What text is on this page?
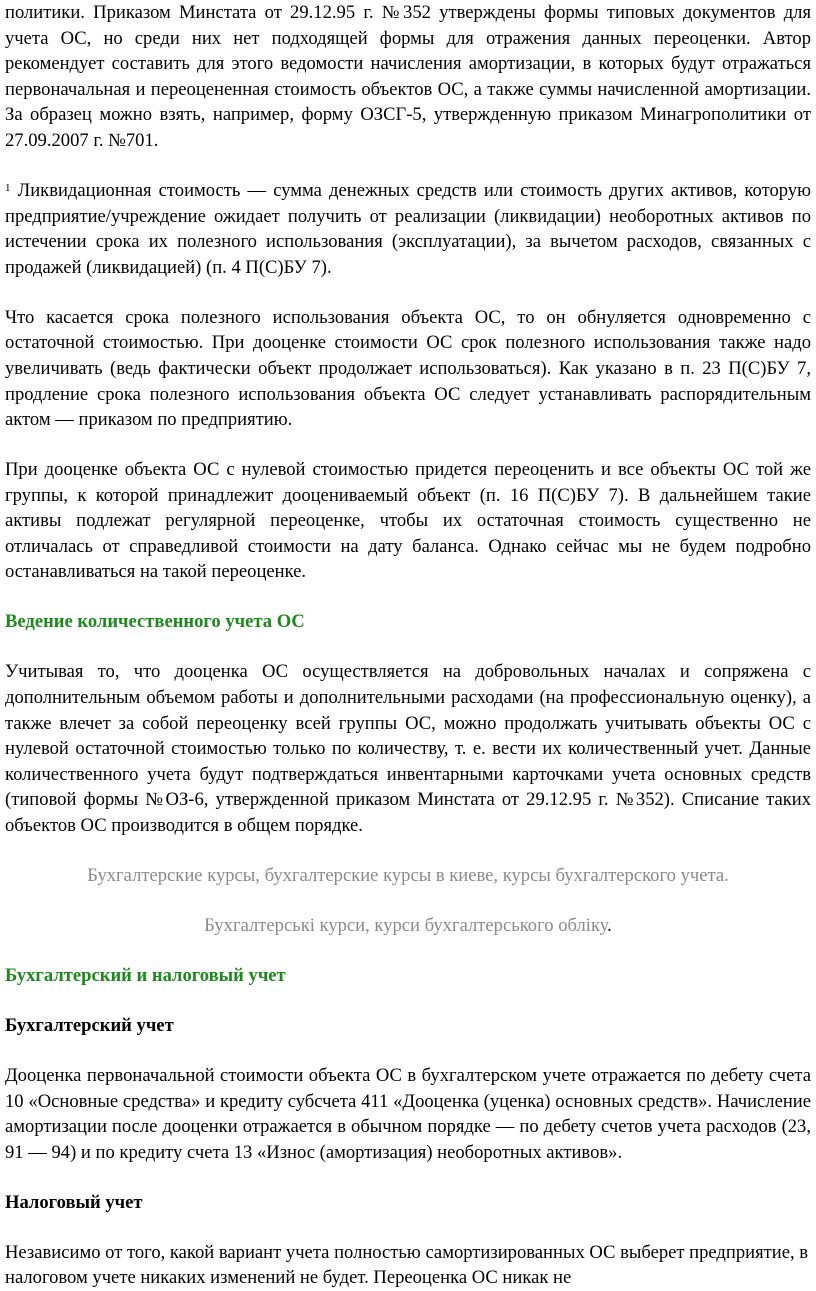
политики. Приказом Минстата от 29.12.95 г. №352 утверждены формы типовых документов для учета ОС, но среди них нет подходящей формы для отражения данных переоценки. Автор рекомендует составить для этого ведомости начисления амортизации, в которых будут отражаться первоначальная и переоцененная стоимость объектов ОС, а также суммы начисленной амортизации. За образец можно взять, например, форму ОЗСГ-5, утвержденную приказом Минагрополитики от 27.09.2007 г. №701.

$^1$ Ликвидационная стоимость — сумма денежных средств или стоимость других активов, которую предприятие/учреждение ожидает получить от реализации (ликвидации) необоротных активов по истечении срока их полезного использования (эксплуатации), за вычетом расходов, связанных с продажей (ликвидацией) (п. 4 П(С)БУ 7).

Что касается срока полезного использования объекта ОС, то он обнуляется одновременно с остаточной стоимостью. При дооценке стоимости ОС срок полезного использования также надо увеличивать (ведь фактически объект продолжает использоваться). Как указано в п. 23 П(С)БУ 7, продление срока полезного использования объекта ОС следует устанавливать распорядительным актом — приказом по предприятию.

При дооценке объекта ОС с нулевой стоимостью придется переоценить и все объекты ОС той же группы, к которой принадлежит дооцениваемый объект (п. 16 П(С)БУ 7). В дальнейшем такие активы подлежат регулярной переоценке, чтобы их остаточная стоимость существенно не отличалась от справедливой стоимости на дату баланса. Однако сейчас мы не будем подробно останавливаться на такой переоценке.

Ведение количественного учета ОС

Учитывая то, что дооценка ОС осуществляется на добровольных началах и сопряжена с дополнительным объемом работы и дополнительными расходами (на профессиональную оценку), а также влечет за собой переоценку всей группы ОС, можно продолжать учитывать объекты ОС с нулевой остаточной стоимостью только по количеству, т. е. вести их количественный учет. Данные количественного учета будут подтверждаться инвентарными карточками учета основных средств (типовой формы №ОЗ-6, утвержденной приказом Минстата от 29.12.95 г. №352). Списание таких объектов ОС производится в общем порядке.

Бухгалтерские курсы, бухгалтерские курсы в киеве, курсы бухгалтерского учета.

Бухгалтерські курси, курси бухгалтерського обліку.

Бухгалтерский и налоговый учет

Бухгалтерский учет

Дооценка первоначальной стоимости объекта ОС в бухгалтерском учете отражается по дебету счета 10 «Основные средства» и кредиту субсчета 411 «Дооценка (уценка) основных средств». Начисление амортизации после дооценки отражается в обычном порядке — по дебету счетов учета расходов (23, 91 — 94) и по кредиту счета 13 «Износ (амортизация) необоротных активов».

Налоговый учет

Независимо от того, какой вариант учета полностью самортизированных ОС выберет предприятие, в налоговом учете никаких изменений не будет. Переоценка ОС никак не
